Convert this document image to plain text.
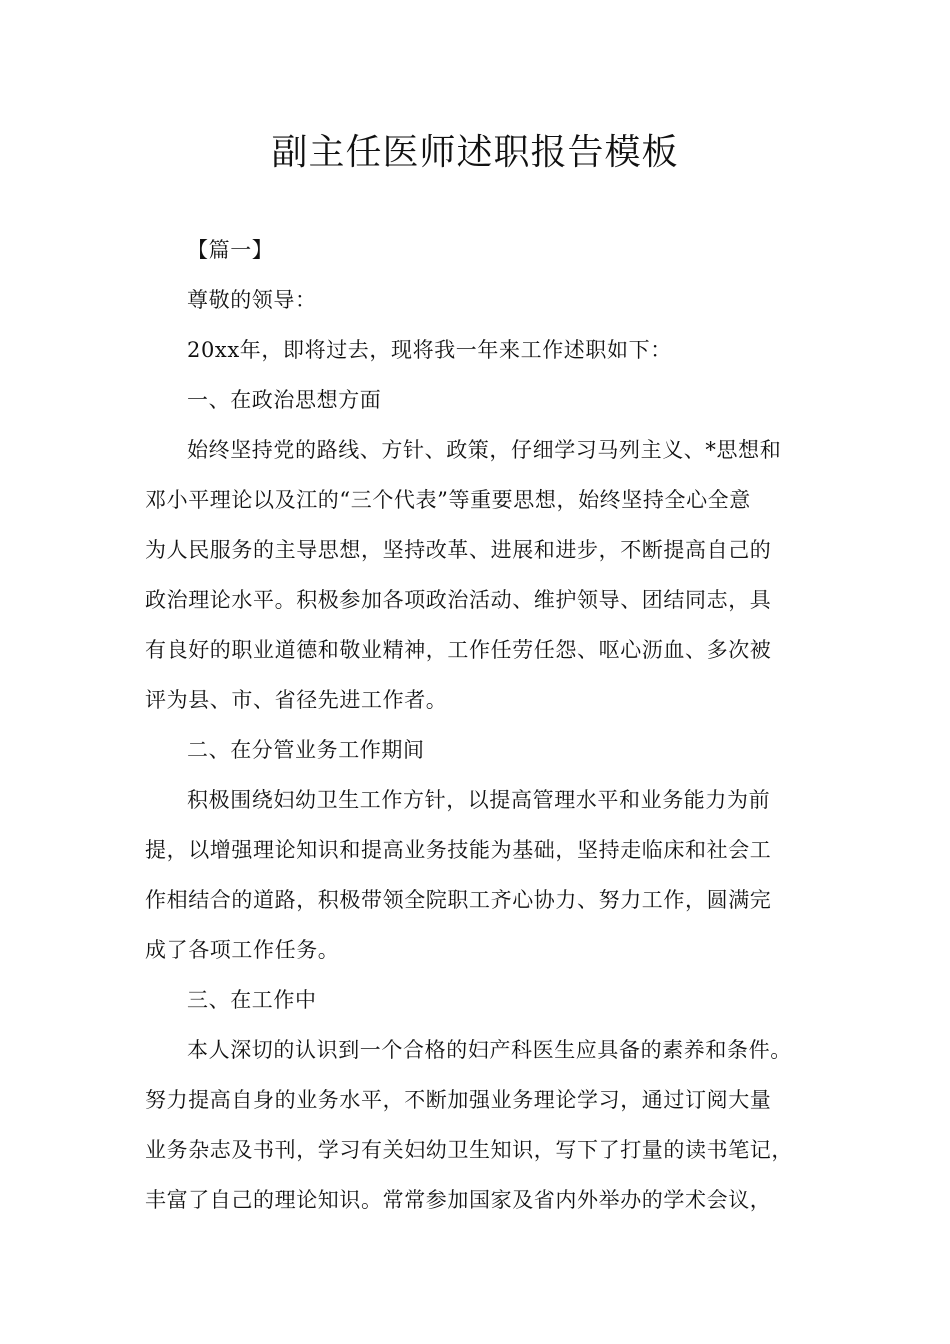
副主任医师述职报告模板

【篇一】

尊敬的领导：

20xx年，即将过去，现将我一年来工作述职如下：

一、在政治思想方面

始终坚持党的路线、方针、政策，仔细学习马列主义、*思想和

邓小平理论以及江的“三个代表”等重要思想，始终坚持全心全意

为人民服务的主导思想，坚持改革、进展和进步，不断提高自己的

政治理论水平。积极参加各项政治活动、维护领导、团结同志，具

有良好的职业道德和敬业精神，工作任劳任怨、呕心沥血、多次被

评为县、市、省径先进工作者。

二、在分管业务工作期间

积极围绕妇幼卫生工作方针，以提高管理水平和业务能力为前

提，以增强理论知识和提高业务技能为基础，坚持走临床和社会工

作相结合的道路，积极带领全院职工齐心协力、努力工作，圆满完

成了各项工作任务。

三、在工作中

本人深切的认识到一个合格的妇产科医生应具备的素养和条件。

努力提高自身的业务水平，不断加强业务理论学习，通过订阅大量

业务杂志及书刊，学习有关妇幼卫生知识，写下了打量的读书笔记，

丰富了自己的理论知识。常常参加国家及省内外举办的学术会议，
